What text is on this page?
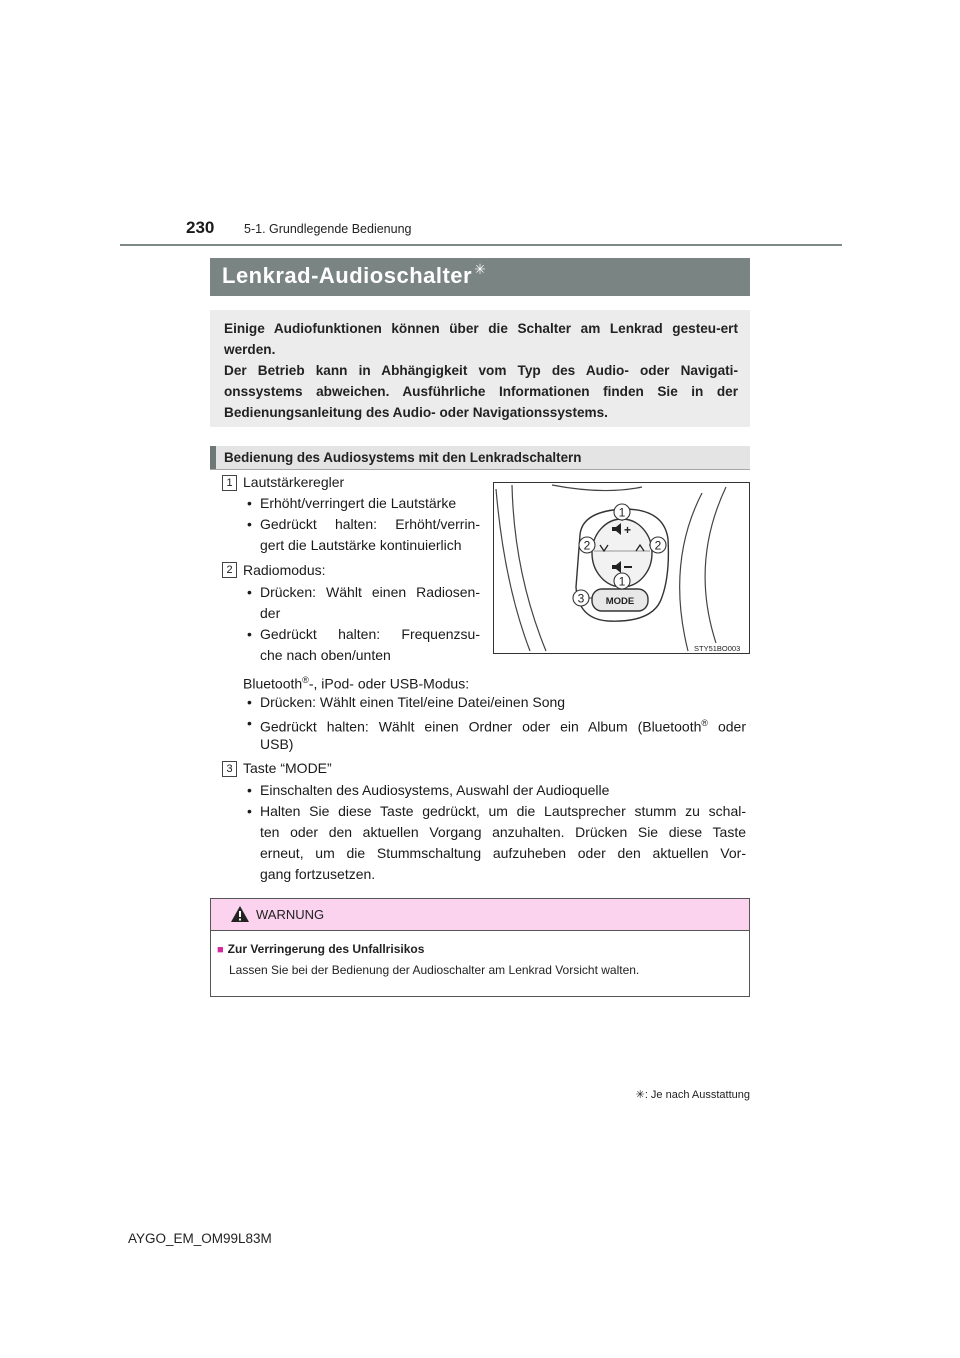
230 5-1. Grundlegende Bedienung
Lenkrad-Audioschalter ✳

Einige Audiofunktionen können über die Schalter am Lenkrad gesteu-ert werden.

Der Betrieb kann in Abhängigkeit vom Typ des Audio- oder Navigati-onssystems abweichen. Ausführliche Informationen finden Sie in der Bedienungsanleitung des Audio- oder Navigationssystems.

Bedienung des Audiosystems mit den Lenkradschaltern
1 Lautstärkeregler
• Erhöht/verringert die Lautstärke
• Gedrückt halten: Erhöht/verrin-
gert die Lautstärke kontinuierlich
2 Radiomodus:
• Drücken: Wählt einen Radiosen-
der
• Gedrückt halten: Frequenzsu-
che nach oben/unten
Bluetooth®-, iPod- oder USB-Modus:
• Drücken: Wählt einen Titel/eine Datei/einen Song
• Gedrückt halten: Wählt einen Ordner oder ein Album (Bluetooth® oder
USB)
3 Taste “MODE”
• Einschalten des Audiosystems, Auswahl der Audioquelle
• Halten Sie diese Taste gedrückt, um die Lautsprecher stumm zu schal-
ten oder den aktuellen Vorgang anzuhalten. Drücken Sie diese Taste
erneut, um die Stummschaltung aufzuheben oder den aktuellen Vor-
gang fortzusetzen.
+
1
2	2
1
3 MODE
STY51BO003
WARNUNG
■ Zur Verringerung des Unfallrisikos
Lassen Sie bei der Bedienung der Audioschalter am Lenkrad Vorsicht walten.
✳: Je nach Ausstattung
AYGO_EM_OM99L83M
